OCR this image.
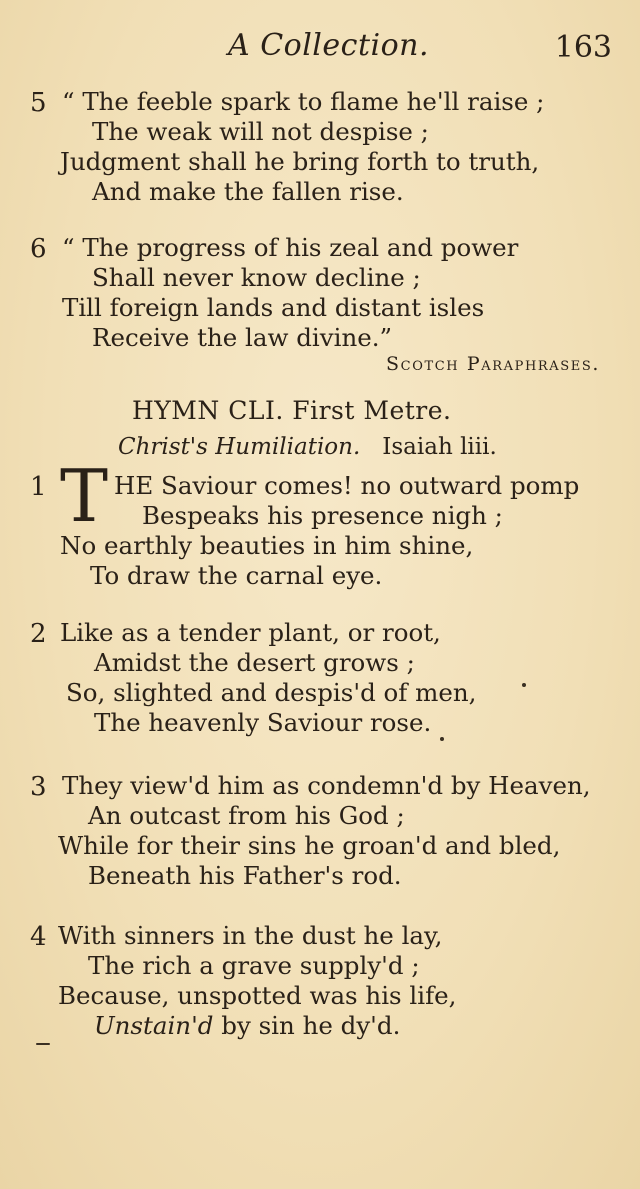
A Collection.	163
5 “ The feeble spark to flame he'll raise ;
The weak will not despise ;
Judgment shall he bring forth to truth,
And make the fallen rise.
6 “ The progress of his zeal and power
Shall never know decline ;
Till foreign lands and distant isles
Receive the law divine.”
Scotch Paraphrases.
HYMN CLI. First Metre.
Christ's Humiliation. Isaiah liii.
1	HE Saviour comes! no outward pomp
Bespeaks his presence nigh ;
No earthly beauties in him shine,
To draw the carnal eye.
T
2 Like as a tender plant, or root,
Amidst the desert grows ;
So, slighted and despis'd of men,
The heavenly Saviour rose.
3 They view'd him as condemn'd by Heaven,
An outcast from his God ;
While for their sins he groan'd and bled,
Beneath his Father's rod.
4 With sinners in the dust he lay,
The rich a grave supply'd ;
Because, unspotted was his life,
Unstain'd by sin he dy'd.
